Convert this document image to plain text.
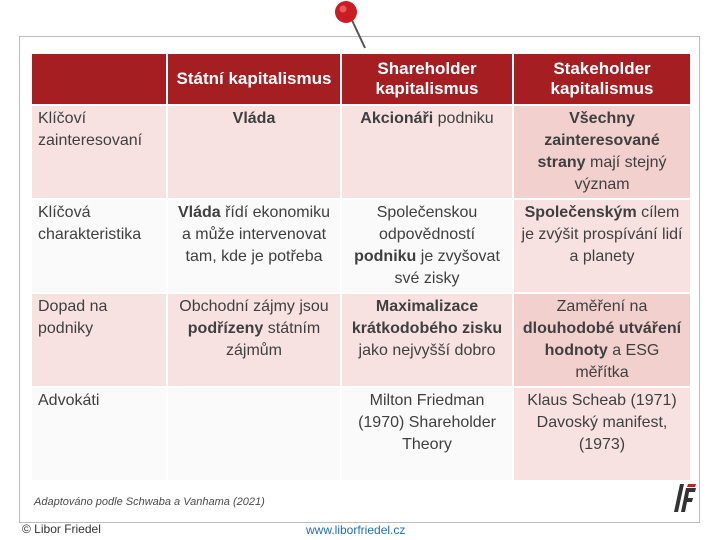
	Státní kapitalismus	Shareholder kapitalismus	Stakeholder kapitalismus
Klíčoví zainteresovaní	Vláda	Akcionáři podniku	Všechny zainteresované strany mají stejný význam
Klíčová charakteristika	Vláda řídí ekonomiku a může intervenovat tam, kde je potřeba	Společenskou odpovědností podniku je zvyšovat své zisky	Společenským cílem je zvýšit prospívání lidí a planety
Dopad na podniky	Obchodní zájmy jsou podřízeny státním zájmům	Maximalizace krátkodobého zisku jako nejvyšší dobro	Zaměření na dlouhodobé utváření hodnoty a ESG měřítka
Advokáti		Milton Friedman (1970) Shareholder Theory	Klaus Scheab (1971) Davoský manifest, (1973)
Adaptováno podle Schwaba a Vanhama (2021)
© Libor Friedel	www.liborfriedel.cz
